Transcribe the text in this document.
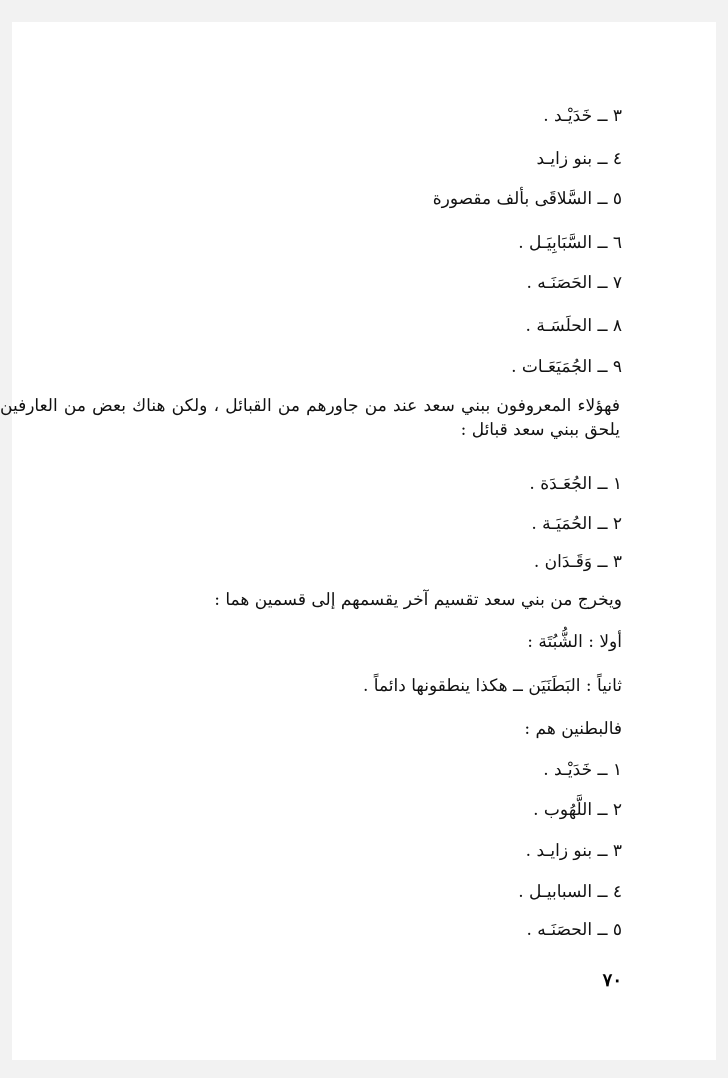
٣ ــ خَدَيْـد .
٤ ــ بنو زايـد
٥ ــ السَّلاقَى بألف مقصورة
٦ ــ السَّبَابِيَـل .
٧ ــ الحَصَنَـه .
٨ ــ الحلَسَـة .
٩ ــ الجُمَيَعَـات .
فهؤلاء المعروفون ببني سعد عند من جاورهم من القبائل ، ولكن هناك بعض من العارفين يلحق ببني سعد قبائل :
١ ــ الجُعَـدَة .
٢ ــ الحُمَيَـة .
٣ ــ وَقَـدَان .
ويخرج من بني سعد تقسيم آخر يقسمهم إلى قسمين هما :
أولا : الشُّبُتَة :
ثانياً : البَطَنَيَن ــ هكذا ينطقونها دائماً .
فالبطنين هم :
١ ــ خَدَيْـد .
٢ ــ اللَّهُوب .
٣ ــ بنو زايـد .
٤ ــ السبابيـل .
٥ ــ الحصَنَـه .
٧٠
